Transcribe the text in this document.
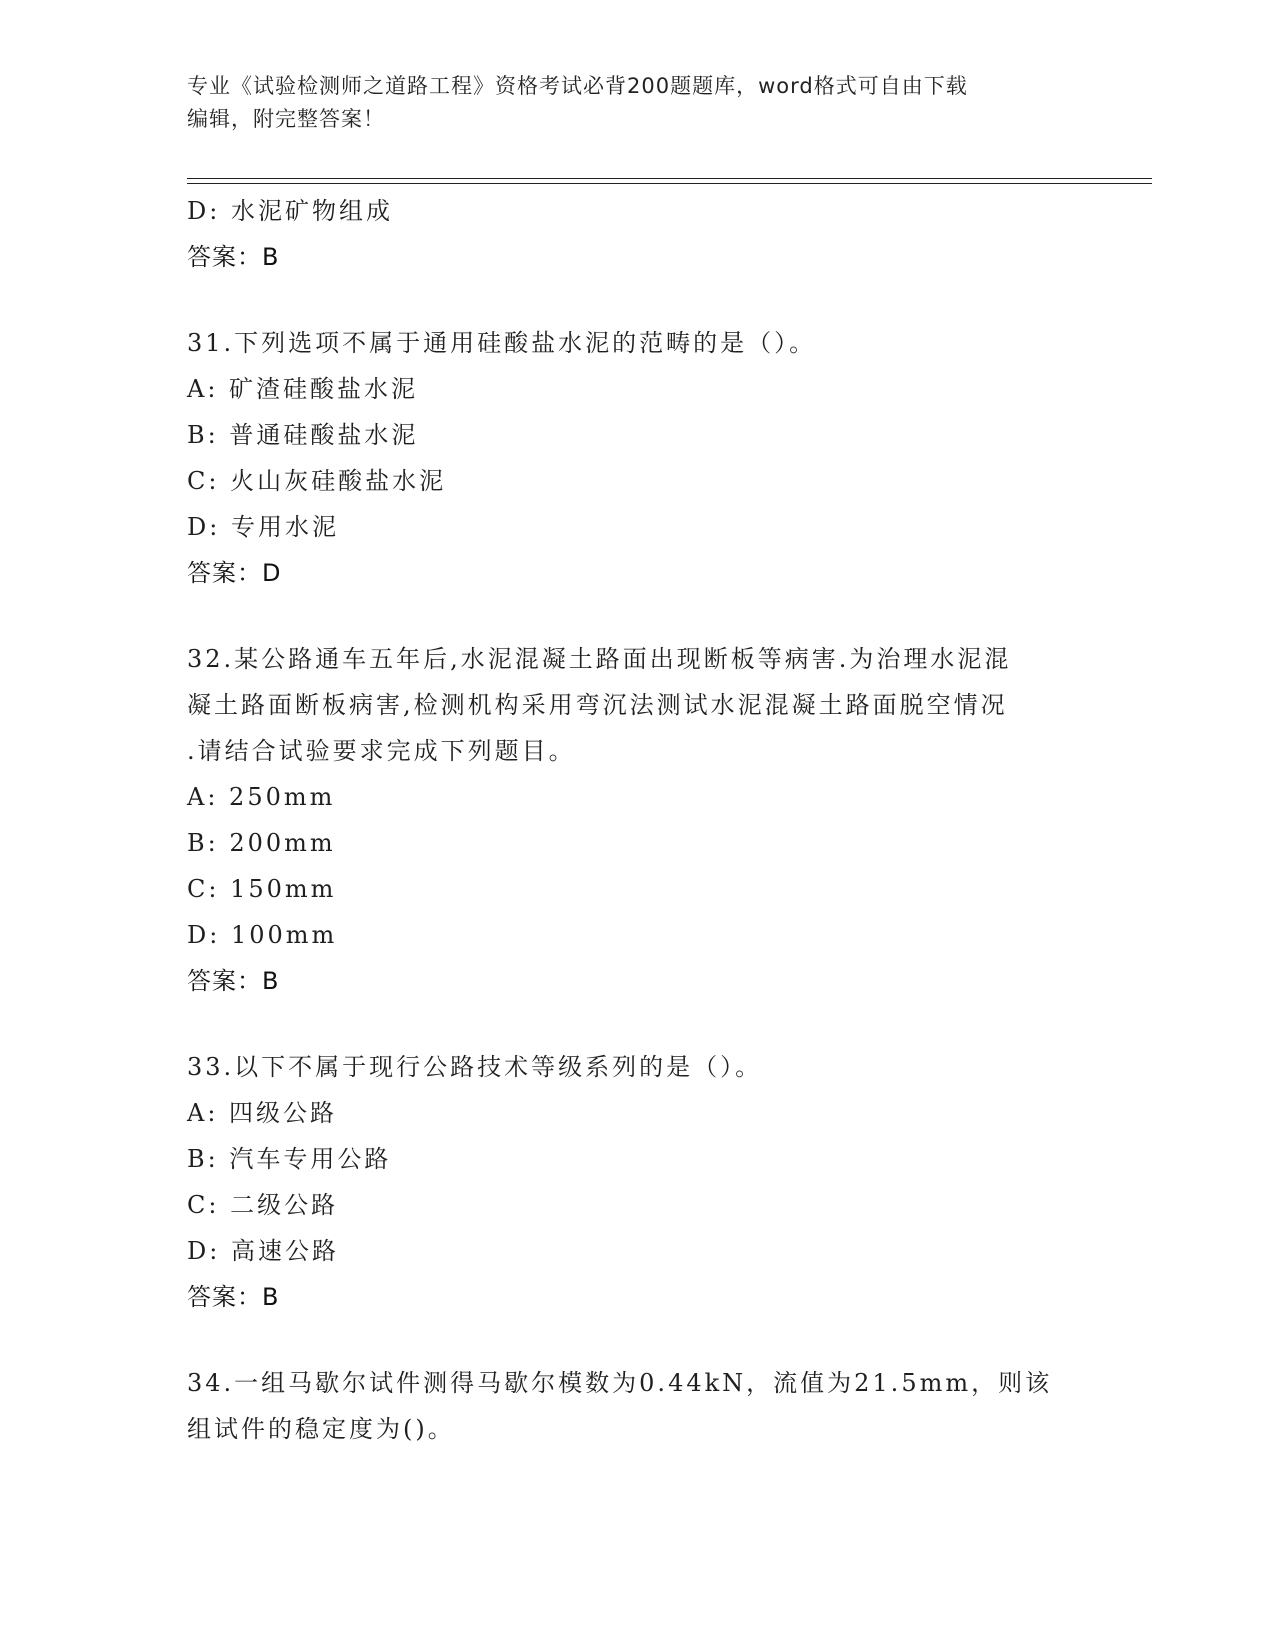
专业《试验检测师之道路工程》资格考试必背200题题库，word格式可自由下载
编辑，附完整答案！
D: 水泥矿物组成
答案：B
31.下列选项不属于通用硅酸盐水泥的范畴的是（）。
A: 矿渣硅酸盐水泥
B: 普通硅酸盐水泥
C: 火山灰硅酸盐水泥
D: 专用水泥
答案：D
32.某公路通车五年后,水泥混凝土路面出现断板等病害.为治理水泥混
凝土路面断板病害,检测机构采用弯沉法测试水泥混凝土路面脱空情况
.请结合试验要求完成下列题目。
A: 250mm
B: 200mm
C: 150mm
D: 100mm
答案：B
33.以下不属于现行公路技术等级系列的是（）。
A: 四级公路
B: 汽车专用公路
C: 二级公路
D: 高速公路
答案：B
34.一组马歇尔试件测得马歇尔模数为0.44kN，流值为21.5mm，则该
组试件的稳定度为()。
